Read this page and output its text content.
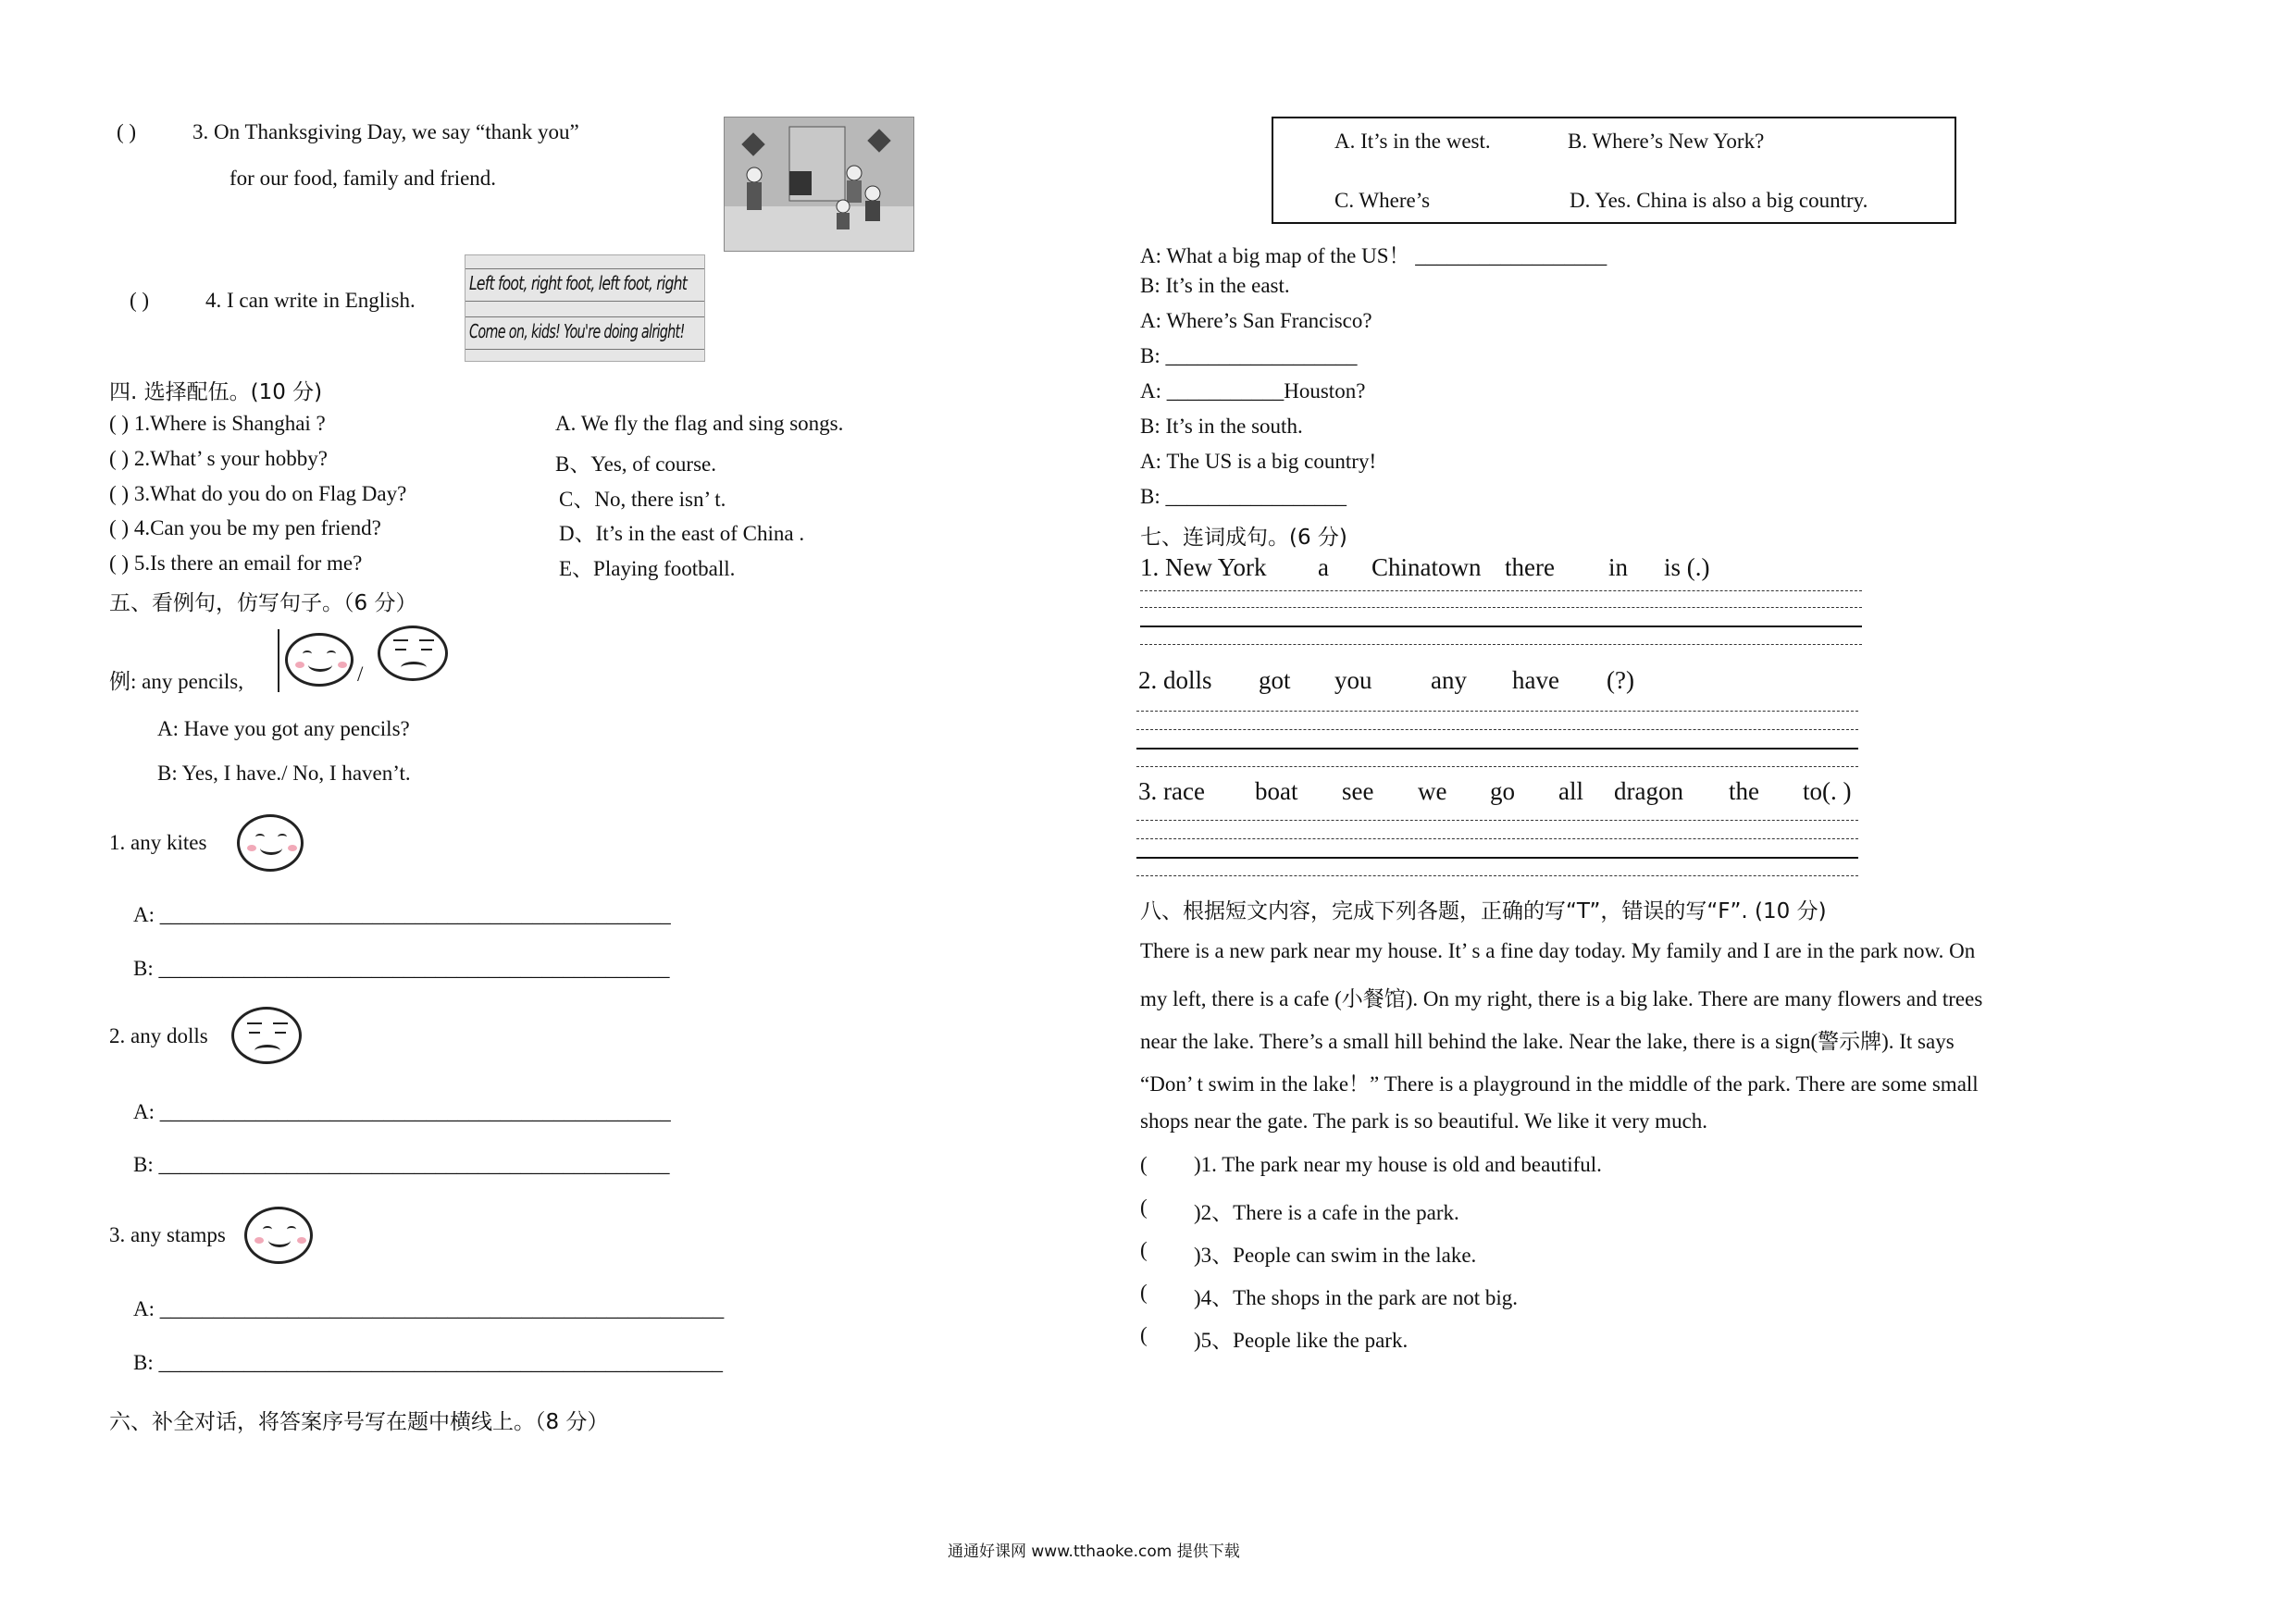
( )	3. On Thanksgiving Day, we say “thank you”
for our food, family and friend.
( )	4. I can write in English.
Left foot, right foot, left foot, right
Come on, kids! You're doing alright!
四. 选择配伍。(10 分)
( ) 1.Where is Shanghai ?	A. We fly the flag and sing songs.
( ) 2.What’ s your hobby?	B、Yes, of course.
( ) 3.What do you do on Flag Day?	C、No, there isn’ t.
( ) 4.Can you be my pen friend?	D、It’s in the east of China .
( ) 5.Is there an email for me?	E、Playing football.
五、看例句，仿写句子。（6 分）
例: any pencils,	/
A: Have you got any pencils?
B: Yes, I have./ No, I haven’t.
1. any kites
A: ________________________________________________
B: ________________________________________________
2. any dolls
A: ________________________________________________
B: ________________________________________________
3. any stamps
A: _____________________________________________________
B: _____________________________________________________
六、补全对话，将答案序号写在题中横线上。（8 分）
A. It’s in the west.	B. Where’s New York?
C. Where’s	D. Yes. China is also a big country.
A: What a big map of the US！ __________________
B: It’s in the east.
A: Where’s San Francisco?
B: __________________
A: ___________Houston?
B: It’s in the south.
A: The US is a big country!
B: _________________
七、连词成句。(6 分)
1. New York a Chinatown there in is (.)
2. dolls got you any have (?)
3. race boat see we go all dragon the to(. )
八、根据短文内容，完成下列各题，正确的写“T”，错误的写“F”. (10 分)
There is a new park near my house. It’ s a fine day today. My family and I are in the park now. On
my left, there is a cafe (小餐馆). On my right, there is a big lake. There are many flowers and trees
near the lake. There’s a small hill behind the lake. Near the lake, there is a sign(警示牌). It says
“Don’ t swim in the lake！” There is a playground in the middle of the park. There are some small
shops near the gate. The park is so beautiful. We like it very much.
( )1. The park near my house is old and beautiful.
( )2、There is a cafe in the park.
( )3、People can swim in the lake.
( )4、The shops in the park are not big.
( )5、People like the park.
通通好课网 www.tthaoke.com 提供下载
